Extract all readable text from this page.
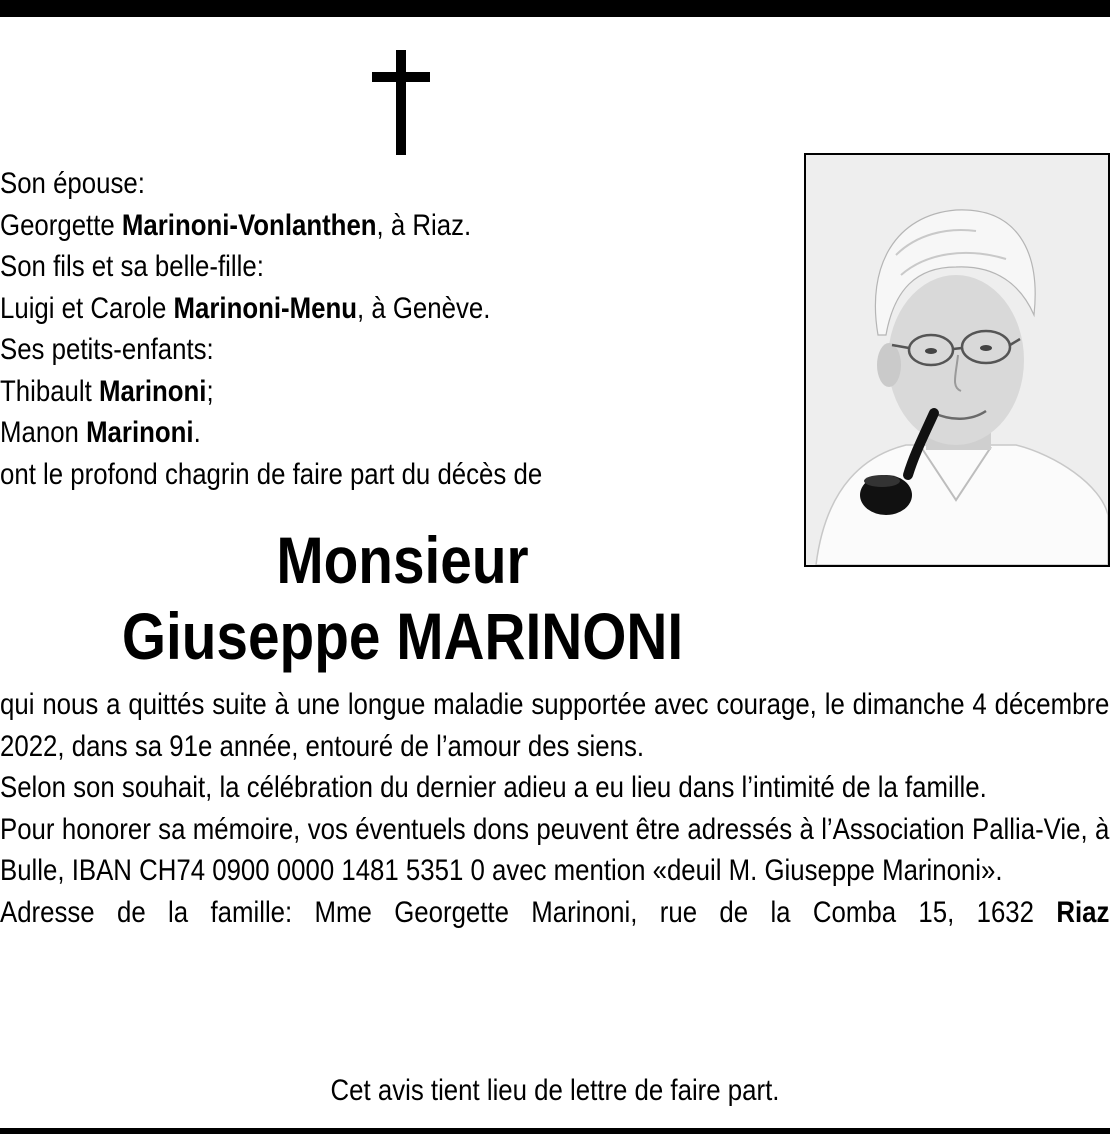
Son épouse:
Georgette Marinoni-Vonlanthen, à Riaz.
Son fils et sa belle-fille:
Luigi et Carole Marinoni-Menu, à Genève.
Ses petits-enfants:
Thibault Marinoni;
Manon Marinoni.
ont le profond chagrin de faire part du décès de
Monsieur
Giuseppe MARINONI

qui nous a quittés suite à une longue maladie supportée avec courage, le dimanche 4 décembre 2022, dans sa 91e année, entouré de l’amour des siens.

Selon son souhait, la célébration du dernier adieu a eu lieu dans l’intimité de la famille.

Pour honorer sa mémoire, vos éventuels dons peuvent être adressés à l’Association Pallia-Vie, à Bulle, IBAN CH74 0900 0000 1481 5351 0 avec mention «deuil M. Giuseppe Marinoni».

Adresse de la famille: Mme Georgette Marinoni, rue de la Comba 15, 1632 Riaz

Cet avis tient lieu de lettre de faire part.
